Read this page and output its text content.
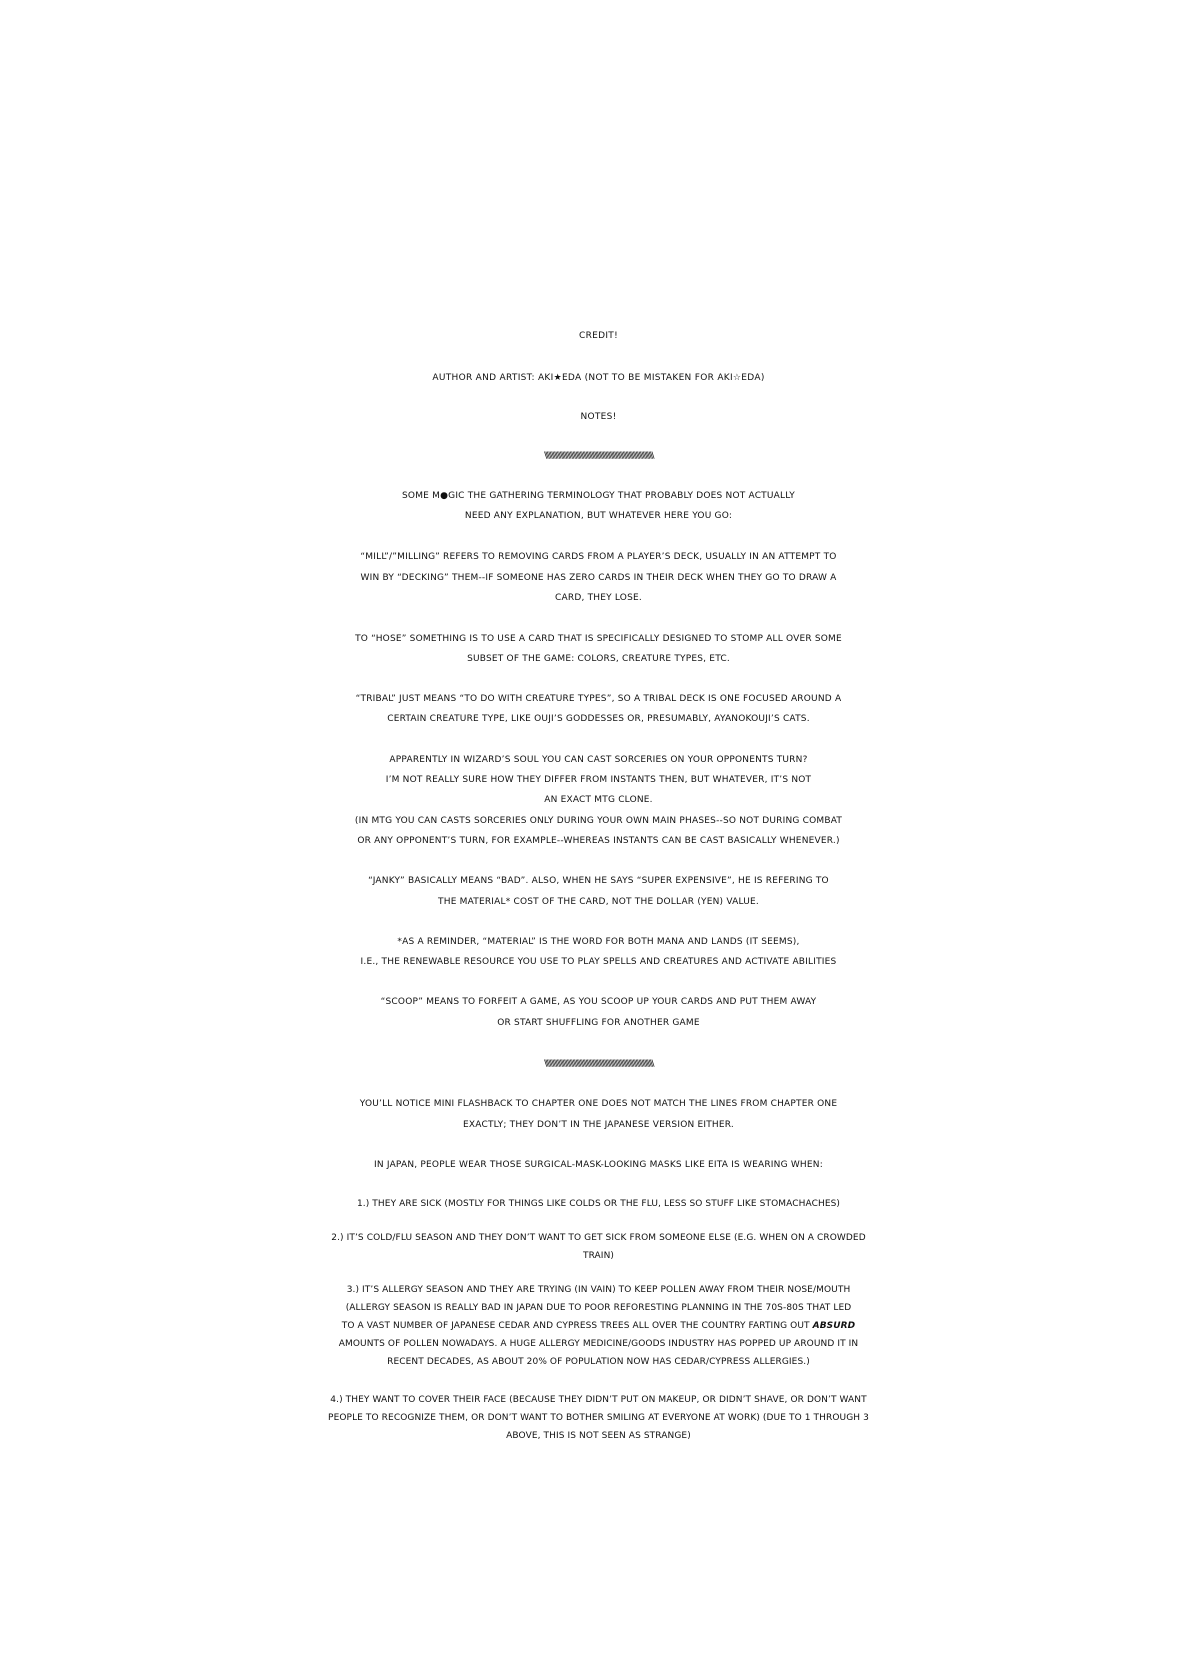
CREDIT!
AUTHOR AND ARTIST: AKI★EDA (NOT TO BE MISTAKEN FOR AKI☆EDA)
NOTES!
\\\\\\\\\\\\\\\\\\\\\\\\\\\\\\\\\\\\\\\\\\\\\\\\\\\\\\\\\\\\\\\\\\\\\\\\\\\\
SOME M●GIC THE GATHERING TERMINOLOGY THAT PROBABLY DOES NOT ACTUALLY
NEED ANY EXPLANATION, BUT WHATEVER HERE YOU GO:
“MILL”/”MILLING” REFERS TO REMOVING CARDS FROM A PLAYER’S DECK, USUALLY IN AN ATTEMPT TO
WIN BY “DECKING” THEM--IF SOMEONE HAS ZERO CARDS IN THEIR DECK WHEN THEY GO TO DRAW A
CARD, THEY LOSE.
TO “HOSE” SOMETHING IS TO USE A CARD THAT IS SPECIFICALLY DESIGNED TO STOMP ALL OVER SOME
SUBSET OF THE GAME: COLORS, CREATURE TYPES, ETC.
“TRIBAL” JUST MEANS “TO DO WITH CREATURE TYPES”, SO A TRIBAL DECK IS ONE FOCUSED AROUND A
CERTAIN CREATURE TYPE, LIKE OUJI’S GODDESSES OR, PRESUMABLY, AYANOKOUJI’S CATS.
APPARENTLY IN WIZARD’S SOUL YOU CAN CAST SORCERIES ON YOUR OPPONENTS TURN?
I’M NOT REALLY SURE HOW THEY DIFFER FROM INSTANTS THEN, BUT WHATEVER, IT’S NOT
AN EXACT MTG CLONE.
(IN MTG YOU CAN CASTS SORCERIES ONLY DURING YOUR OWN MAIN PHASES--SO NOT DURING COMBAT
OR ANY OPPONENT’S TURN, FOR EXAMPLE--WHEREAS INSTANTS CAN BE CAST BASICALLY WHENEVER.)
“JANKY” BASICALLY MEANS “BAD”. ALSO, WHEN HE SAYS “SUPER EXPENSIVE”, HE IS REFERING TO
THE MATERIAL* COST OF THE CARD, NOT THE DOLLAR (YEN) VALUE.
*AS A REMINDER, “MATERIAL” IS THE WORD FOR BOTH MANA AND LANDS (IT SEEMS),
I.E., THE RENEWABLE RESOURCE YOU USE TO PLAY SPELLS AND CREATURES AND ACTIVATE ABILITIES
“SCOOP” MEANS TO FORFEIT A GAME, AS YOU SCOOP UP YOUR CARDS AND PUT THEM AWAY
OR START SHUFFLING FOR ANOTHER GAME
\\\\\\\\\\\\\\\\\\\\\\\\\\\\\\\\\\\\\\\\\\\\\\\\\\\\\\\\\\\\\\\\\\\\\\\\\\\\
YOU’LL NOTICE MINI FLASHBACK TO CHAPTER ONE DOES NOT MATCH THE LINES FROM CHAPTER ONE
EXACTLY; THEY DON’T IN THE JAPANESE VERSION EITHER.
IN JAPAN, PEOPLE WEAR THOSE SURGICAL-MASK-LOOKING MASKS LIKE EITA IS WEARING WHEN:
1.) THEY ARE SICK (MOSTLY FOR THINGS LIKE COLDS OR THE FLU, LESS SO STUFF LIKE STOMACHACHES)
2.) IT’S COLD/FLU SEASON AND THEY DON’T WANT TO GET SICK FROM SOMEONE ELSE (E.G. WHEN ON A CROWDED
TRAIN)
3.) IT’S ALLERGY SEASON AND THEY ARE TRYING (IN VAIN) TO KEEP POLLEN AWAY FROM THEIR NOSE/MOUTH
(ALLERGY SEASON IS REALLY BAD IN JAPAN DUE TO POOR REFORESTING PLANNING IN THE 70S-80S THAT LED
TO A VAST NUMBER OF JAPANESE CEDAR AND CYPRESS TREES ALL OVER THE COUNTRY FARTING OUT ABSURD
AMOUNTS OF POLLEN NOWADAYS. A HUGE ALLERGY MEDICINE/GOODS INDUSTRY HAS POPPED UP AROUND IT IN
RECENT DECADES, AS ABOUT 20% OF POPULATION NOW HAS CEDAR/CYPRESS ALLERGIES.)
4.) THEY WANT TO COVER THEIR FACE (BECAUSE THEY DIDN’T PUT ON MAKEUP, OR DIDN’T SHAVE, OR DON’T WANT
PEOPLE TO RECOGNIZE THEM, OR DON’T WANT TO BOTHER SMILING AT EVERYONE AT WORK) (DUE TO 1 THROUGH 3
ABOVE, THIS IS NOT SEEN AS STRANGE)
